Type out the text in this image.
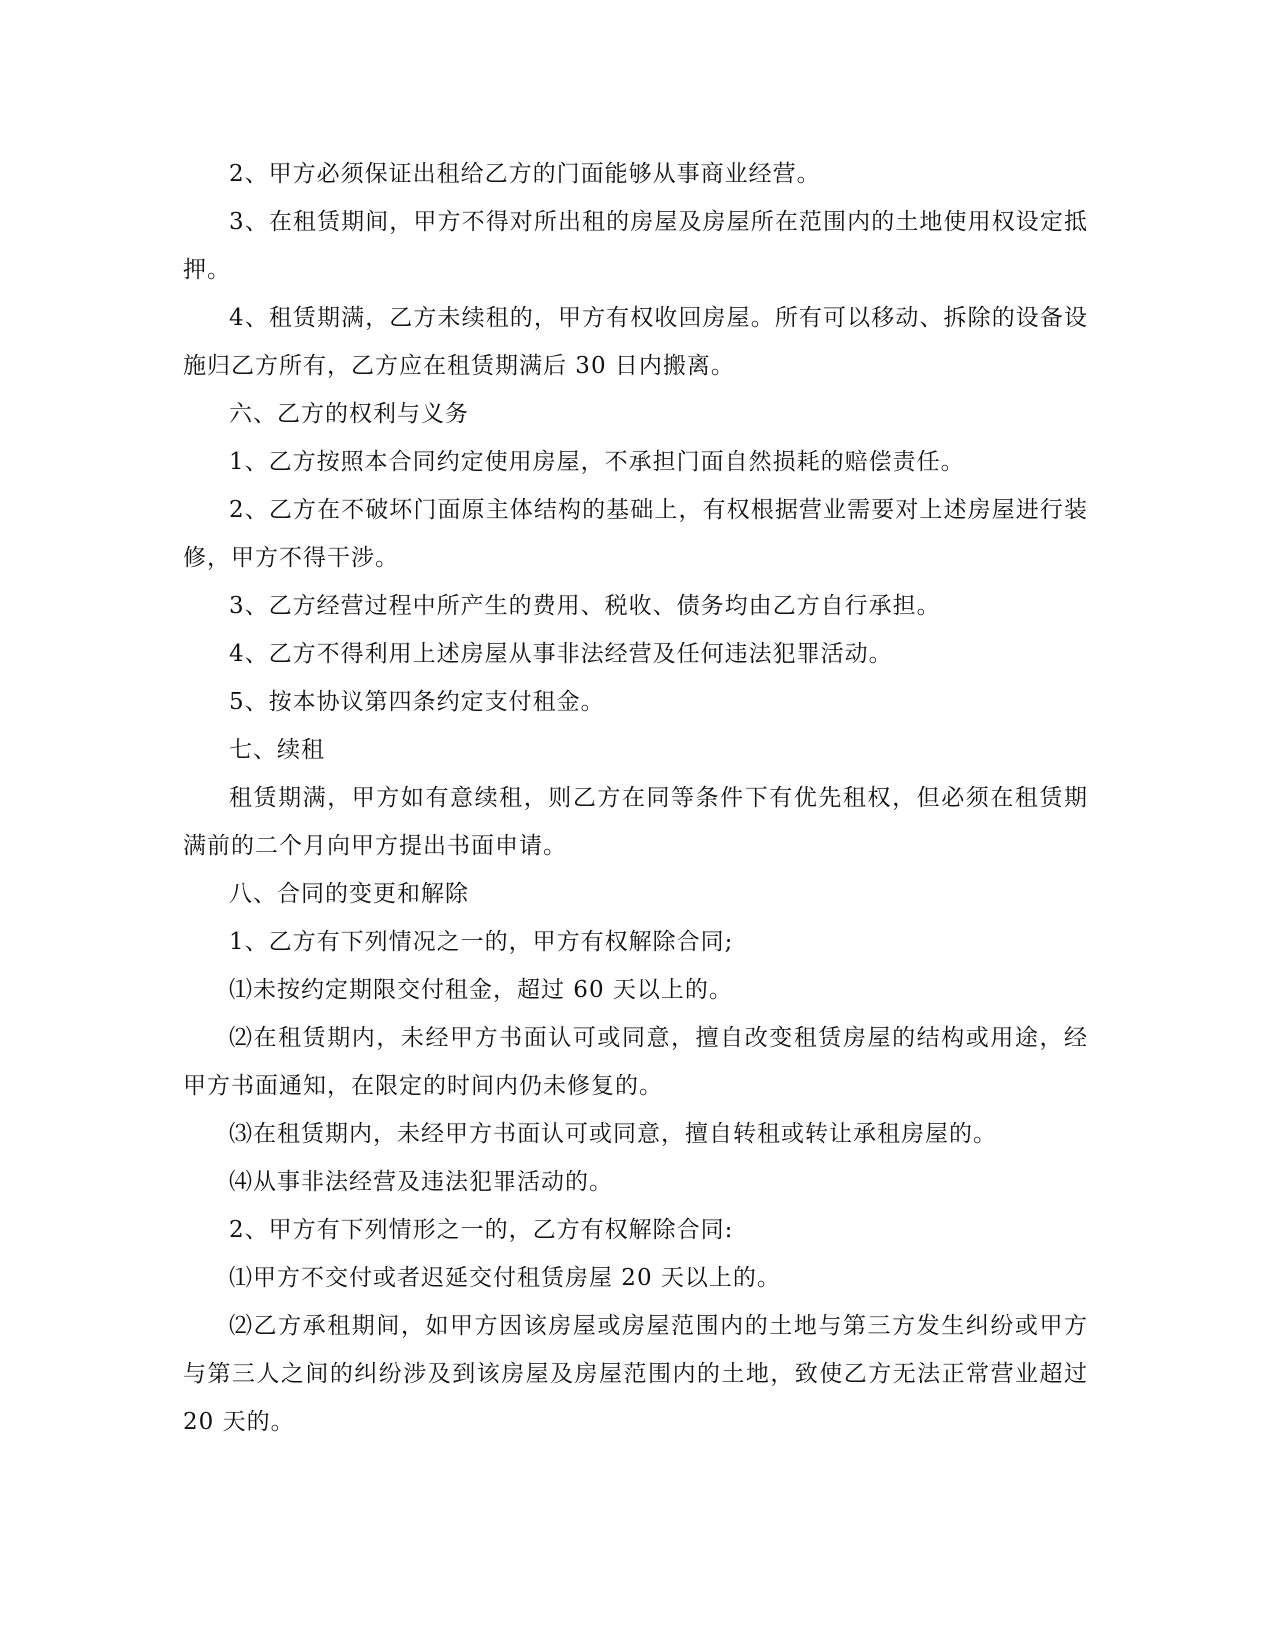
2、甲方必须保证出租给乙方的门面能够从事商业经营。

3、在租赁期间，甲方不得对所出租的房屋及房屋所在范围内的土地使用权设定抵押。

4、租赁期满，乙方未续租的，甲方有权收回房屋。所有可以移动、拆除的设备设施归乙方所有，乙方应在租赁期满后 30 日内搬离。

六、乙方的权利与义务

1、乙方按照本合同约定使用房屋，不承担门面自然损耗的赔偿责任。

2、乙方在不破坏门面原主体结构的基础上，有权根据营业需要对上述房屋进行装修，甲方不得干涉。

3、乙方经营过程中所产生的费用、税收、债务均由乙方自行承担。

4、乙方不得利用上述房屋从事非法经营及任何违法犯罪活动。

5、按本协议第四条约定支付租金。

七、续租

租赁期满，甲方如有意续租，则乙方在同等条件下有优先租权，但必须在租赁期满前的二个月向甲方提出书面申请。

八、合同的变更和解除

1、乙方有下列情况之一的，甲方有权解除合同;

⑴未按约定期限交付租金，超过 60 天以上的。

⑵在租赁期内，未经甲方书面认可或同意，擅自改变租赁房屋的结构或用途，经甲方书面通知，在限定的时间内仍未修复的。

⑶在租赁期内，未经甲方书面认可或同意，擅自转租或转让承租房屋的。

⑷从事非法经营及违法犯罪活动的。

2、甲方有下列情形之一的，乙方有权解除合同:

⑴甲方不交付或者迟延交付租赁房屋 20 天以上的。

⑵乙方承租期间，如甲方因该房屋或房屋范围内的土地与第三方发生纠纷或甲方与第三人之间的纠纷涉及到该房屋及房屋范围内的土地，致使乙方无法正常营业超过 20 天的。
